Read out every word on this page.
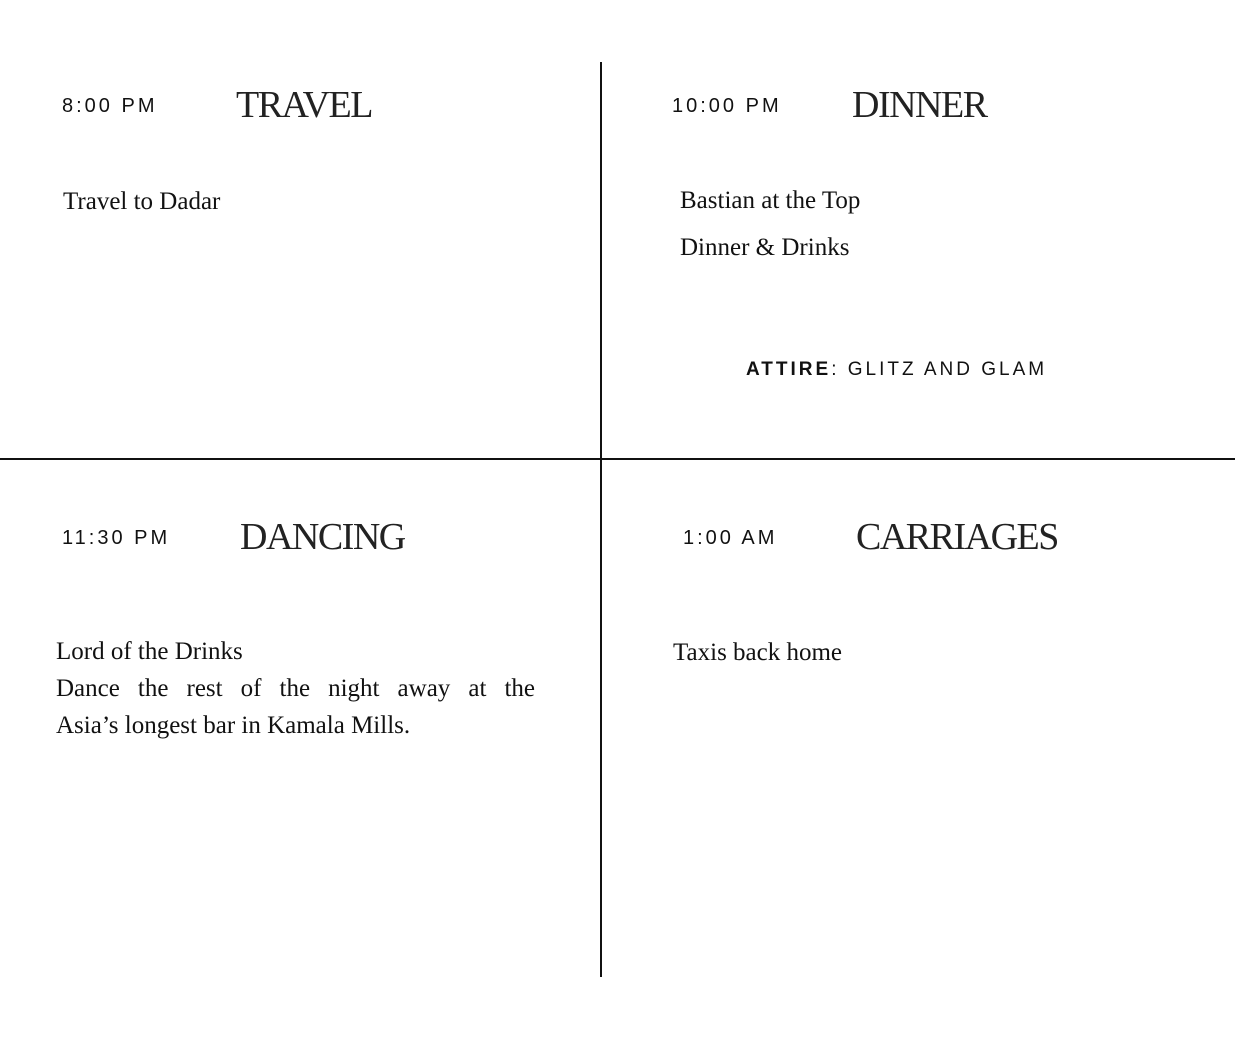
8:00 PM TRAVEL
Travel to Dadar
10:00 PM DINNER
Bastian at the Top
Dinner & Drinks
ATTIRE: GLITZ AND GLAM
11:30 PM DANCING
Lord of the Drinks
Dance the rest of the night away at the
Asia’s longest bar in Kamala Mills.
1:00 AM CARRIAGES
Taxis back home
